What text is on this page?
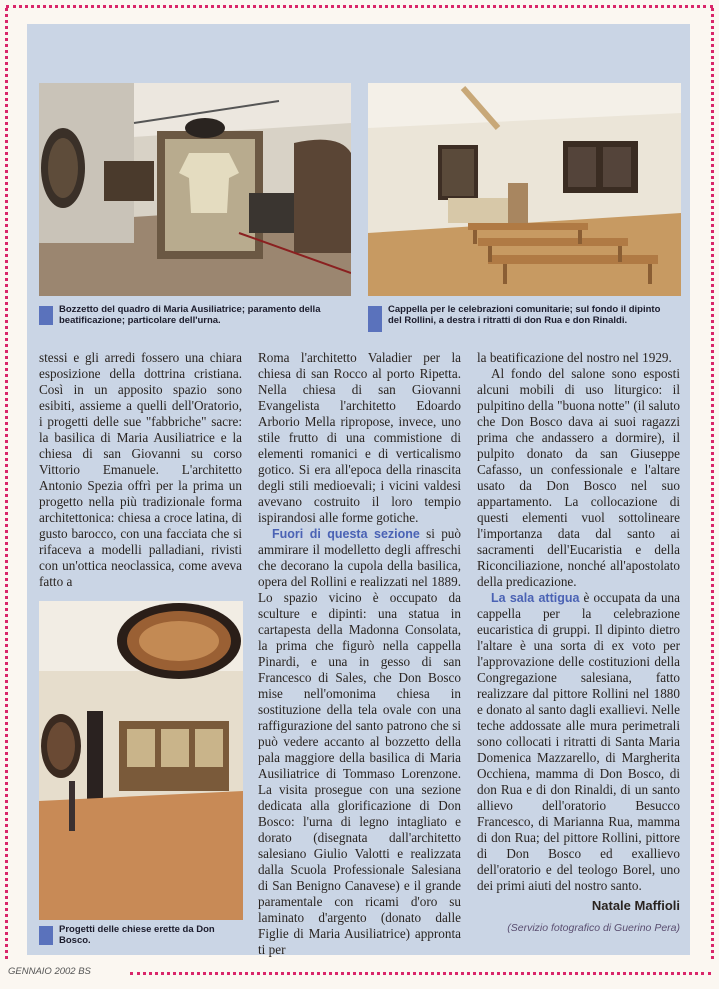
Bozzetto del quadro di Maria Ausiliatrice; paramento della beatificazione; particolare dell'urna.
Cappella per le celebrazioni comunitarie; sul fondo il dipinto del Rollini, a destra i ritratti di don Rua e don Rinaldi.
Progetti delle chiese erette da Don Bosco.

stessi e gli arredi fossero una chiara esposizione della dottrina cristiana. Così in un apposito spazio sono esibiti, assieme a quelli dell'Oratorio, i progetti delle sue "fabbriche" sacre: la basilica di Maria Ausiliatrice e la chiesa di san Giovanni su corso Vittorio Emanuele. L'architetto Antonio Spezia offrì per la prima un progetto nella più tradizionale forma architettonica: chiesa a croce latina, di gusto barocco, con una facciata che si rifaceva a modelli palladiani, rivisti con un'ottica neoclassica, come aveva fatto a

Roma l'architetto Valadier per la chiesa di san Rocco al porto Ripetta. Nella chiesa di san Giovanni Evangelista l'architetto Edoardo Arborio Mella ripropose, invece, uno stile frutto di una commistione di elementi romanici e di verticalismo gotico. Si era all'epoca della rinascita degli stili medioevali; i vicini valdesi avevano costruito il loro tempio ispirandosi alle forme gotiche.

Fuori di questa sezione si può ammirare il modelletto degli affreschi che decorano la cupola della basilica, opera del Rollini e realizzati nel 1889. Lo spazio vicino è occupato da sculture e dipinti: una statua in cartapesta della Madonna Consolata, la prima che figurò nella cappella Pinardi, e una in gesso di san Francesco di Sales, che Don Bosco mise nell'omonima chiesa in sostituzione della tela ovale con una raffigurazione del santo patrono che si può vedere accanto al bozzetto della pala maggiore della basilica di Maria Ausiliatrice di Tommaso Lorenzone. La visita prosegue con una sezione dedicata alla glorificazione di Don Bosco: l'urna di legno intagliato e dorato (disegnata dall'architetto salesiano Giulio Valotti e realizzata dalla Scuola Professionale Salesiana di San Benigno Canavese) e il grande paramentale con ricami d'oro su laminato d'argento (donato dalle Figlie di Maria Ausiliatrice) appronta ti per

la beatificazione del nostro nel 1929.

Al fondo del salone sono esposti alcuni mobili di uso liturgico: il pulpitino della "buona notte" (il saluto che Don Bosco dava ai suoi ragazzi prima che andassero a dormire), il pulpito donato da san Giuseppe Cafasso, un confessionale e l'altare usato da Don Bosco nel suo appartamento. La collocazione di questi elementi vuol sottolineare l'importanza data dal santo ai sacramenti dell'Eucaristia e della Riconciliazione, nonché all'apostolato della predicazione.

La sala attigua è occupata da una cappella per la celebrazione eucaristica di gruppi. Il dipinto dietro l'altare è una sorta di ex voto per l'approvazione delle costituzioni della Congregazione salesiana, fatto realizzare dal pittore Rollini nel 1880 e donato al santo dagli exallievi. Nelle teche addossate alle mura perimetrali sono collocati i ritratti di Santa Maria Domenica Mazzarello, di Margherita Occhiena, mamma di Don Bosco, di don Rua e di don Rinaldi, di un santo allievo dell'oratorio Besucco Francesco, di Marianna Rua, mamma di don Rua; del pittore Rollini, pittore di Don Bosco ed exallievo dell'oratorio e del teologo Borel, uno dei primi aiuti del nostro santo.

Natale Maffioli
(Servizio fotografico di Guerino Pera)
GENNAIO 2002 BS
